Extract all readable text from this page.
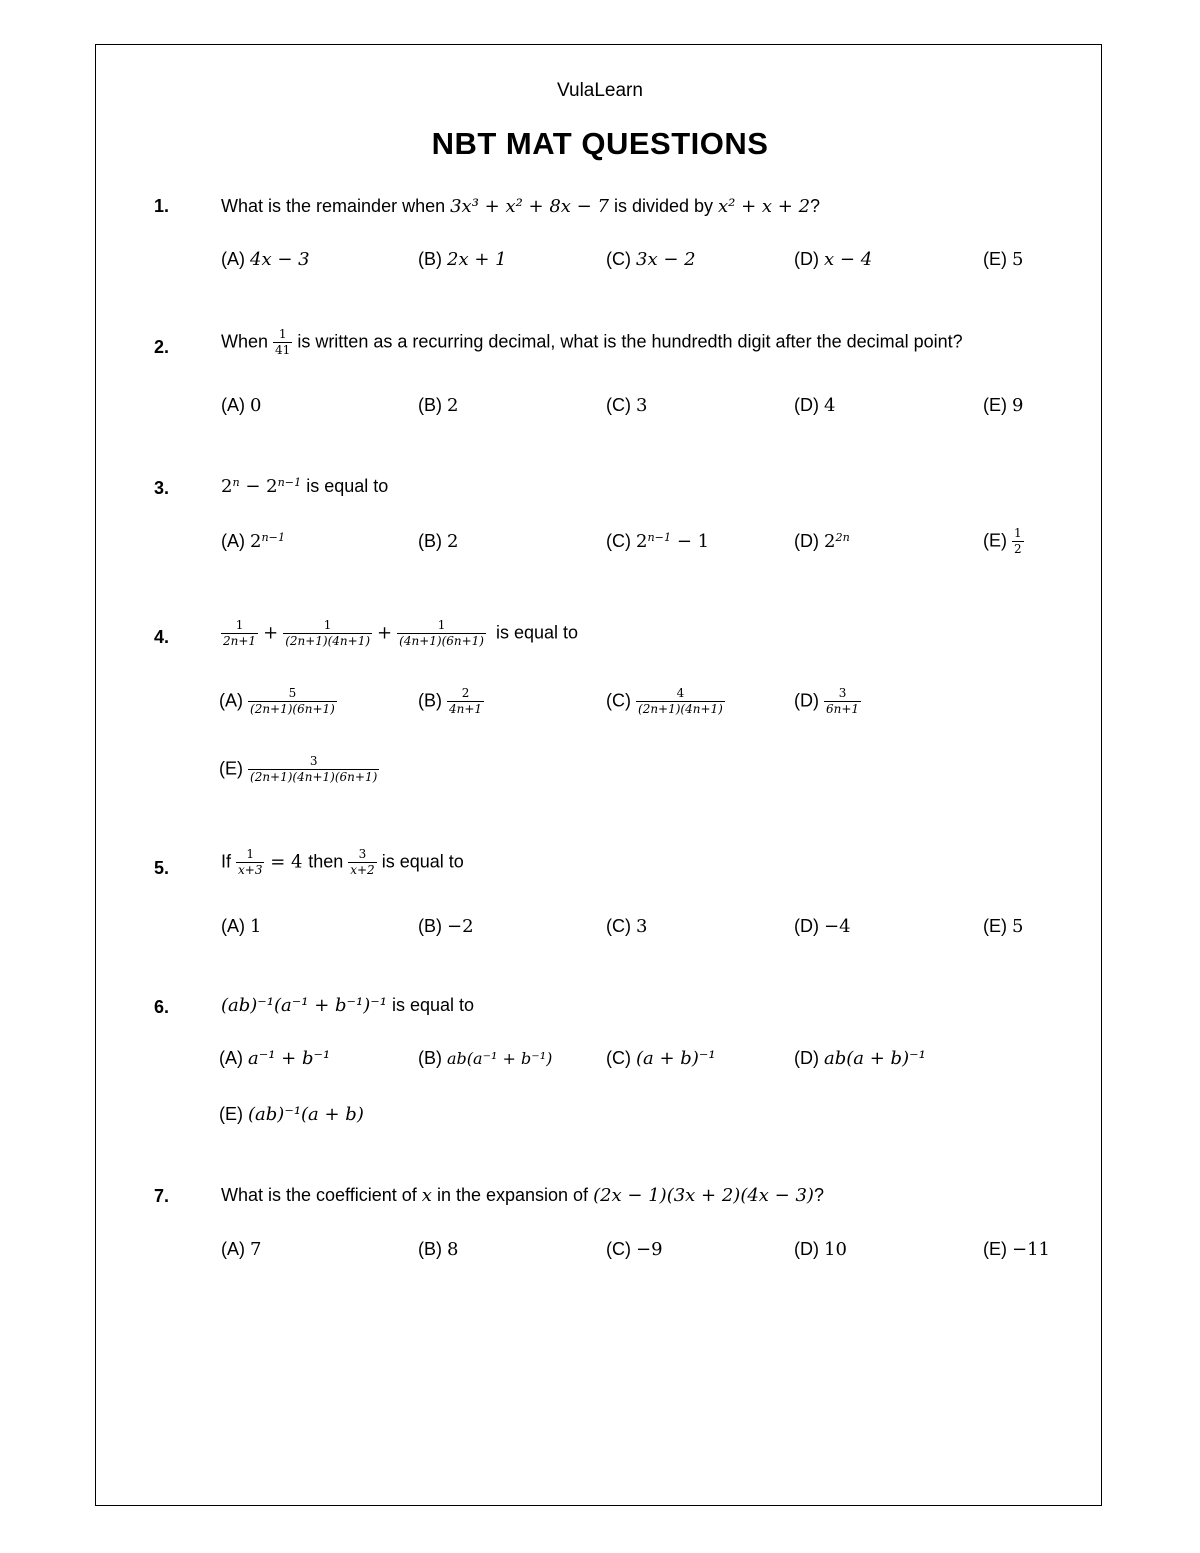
VulaLearn
NBT MAT QUESTIONS
1.	What is the remainder when 3x³ + x² + 8x − 7 is divided by x² + x + 2?
(A) 4x − 3	(B) 2x + 1	(C) 3x − 2	(D) x − 4	(E) 5
2.	When $\frac{1}{41}$ is written as a recurring decimal, what is the hundredth digit after the decimal point?
(A) 0	(B) 2	(C) 3	(D) 4	(E) 9
3.	$2^n - 2^{n-1}$ is equal to
(A) $2^{n-1}$	(B) 2	(C) $2^{n-1} - 1$	(D) $2^{2n}$	$(E) \frac{1}{2}$
4.	$\frac{1}{2n+1} + \frac{1}{(2n+1)(4n+1)} + \frac{1}{(4n+1)(6n+1)}$ is equal to
$(A) \frac{5}{(2n+1)(6n+1)}$	$(B) \frac{2}{4n+1}$	$(C) \frac{4}{(2n+1)(4n+1)}$	$(D) \frac{3}{6n+1}$
$(E) \frac{3}{(2n+1)(4n+1)(6n+1)}$
5.	If $\frac{1}{x+3} = 4$ then $\frac{3}{x+2}$ is equal to
(A) 1	(B) −2	(C) 3	(D) −4	(E) 5
6.	(ab)⁻¹(a⁻¹ + b⁻¹)⁻¹ is equal to
(A) a⁻¹ + b⁻¹	(B) ab(a⁻¹ + b⁻¹)	(C) (a + b)⁻¹	(D) ab(a + b)⁻¹
(E) (ab)⁻¹(a + b)
7.	What is the coefficient of x in the expansion of (2x − 1)(3x + 2)(4x − 3)?
(A) 7	(B) 8	(C) −9	(D) 10	(E) −11
